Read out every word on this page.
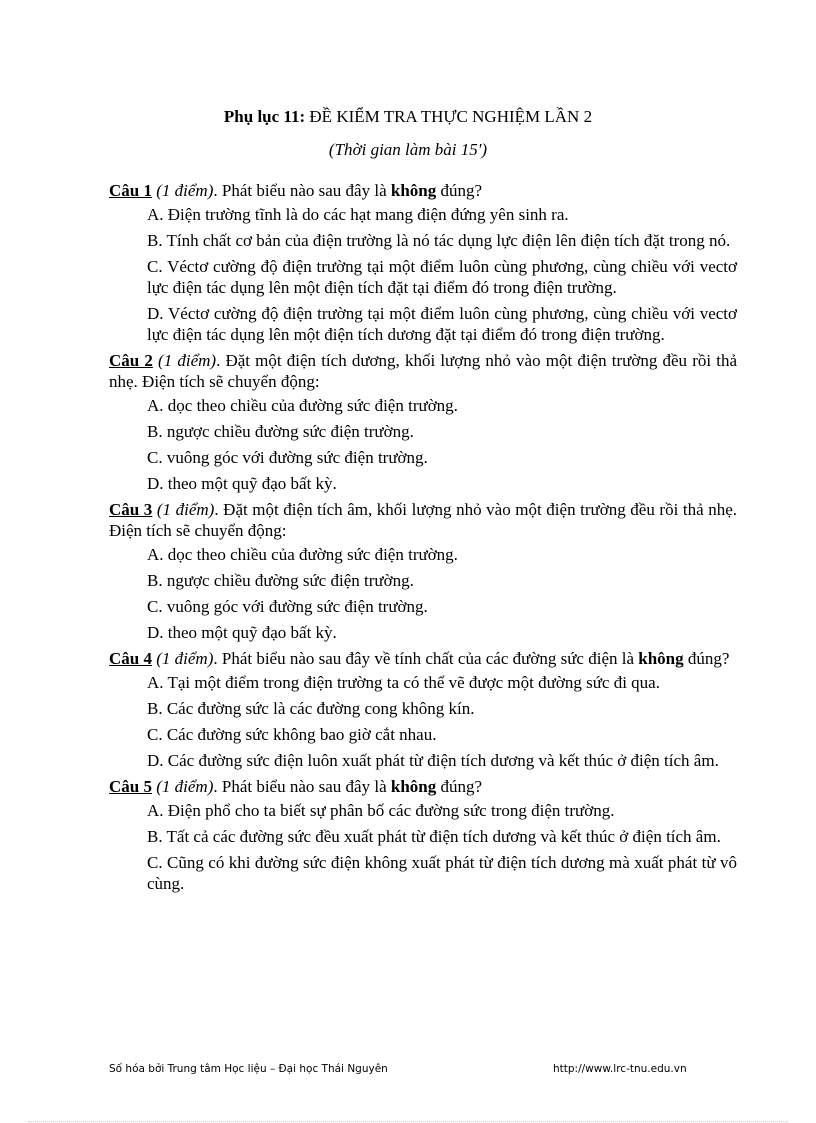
Phụ lục 11: ĐỀ KIỂM TRA THỰC NGHIỆM LẦN 2
(Thời gian làm bài 15')
Câu 1 (1 điểm). Phát biểu nào sau đây là không đúng?
A. Điện trường tĩnh là do các hạt mang điện đứng yên sinh ra.
B. Tính chất cơ bản của điện trường là nó tác dụng lực điện lên điện tích đặt trong nó.
C. Véctơ cường độ điện trường tại một điểm luôn cùng phương, cùng chiều với vectơ lực điện tác dụng lên một điện tích đặt tại điểm đó trong điện trường.
D. Véctơ cường độ điện trường tại một điểm luôn cùng phương, cùng chiều với vectơ lực điện tác dụng lên một điện tích dương đặt tại điểm đó trong điện trường.
Câu 2 (1 điểm). Đặt một điện tích dương, khối lượng nhỏ vào một điện trường đều rồi thả nhẹ. Điện tích sẽ chuyển động:
A. dọc theo chiều của đường sức điện trường.
B. ngược chiều đường sức điện trường.
C. vuông góc với đường sức điện trường.
D. theo một quỹ đạo bất kỳ.
Câu 3 (1 điểm). Đặt một điện tích âm, khối lượng nhỏ vào một điện trường đều rồi thả nhẹ. Điện tích sẽ chuyển động:
A. dọc theo chiều của đường sức điện trường.
B. ngược chiều đường sức điện trường.
C. vuông góc với đường sức điện trường.
D. theo một quỹ đạo bất kỳ.
Câu 4 (1 điểm). Phát biểu nào sau đây về tính chất của các đường sức điện là không đúng?
A. Tại một điểm trong điện trường ta có thể vẽ được một đường sức đi qua.
B. Các đường sức là các đường cong không kín.
C. Các đường sức không bao giờ cắt nhau.
D. Các đường sức điện luôn xuất phát từ điện tích dương và kết thúc ở điện tích âm.
Câu 5 (1 điểm). Phát biểu nào sau đây là không đúng?
A. Điện phổ cho ta biết sự phân bố các đường sức trong điện trường.
B. Tất cả các đường sức đều xuất phát từ điện tích dương và kết thúc ở điện tích âm.
C. Cũng có khi đường sức điện không xuất phát từ điện tích dương mà xuất phát từ vô cùng.
Số hóa bởi Trung tâm Học liệu – Đại học Thái Nguyên	http://www.lrc-tnu.edu.vn
